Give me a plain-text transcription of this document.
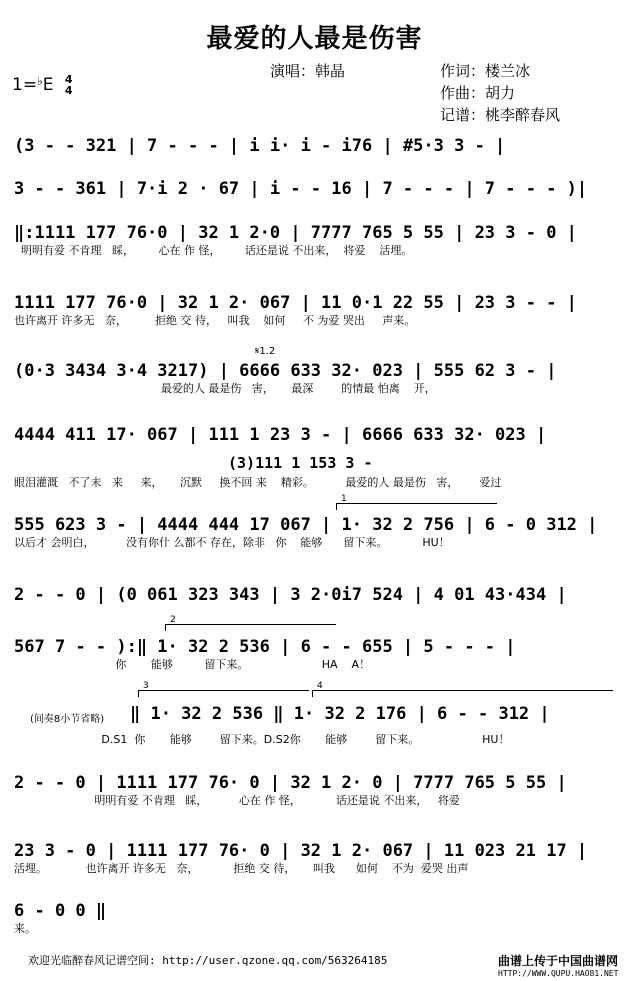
最爱的人最是伤害
演唱：韩晶	作词：楼兰冰
作曲：胡力
记谱：桃李醉春风
1=♭E 4
4
(3 - - 321 | 7 - - - | i i· i - i76 | #5·3 3 - |
3 - - 361 | 7·i 2 · 67 | i - - 16 | 7 - - - | 7 - - - )|
‖:1111 177 76·0 | 32 1 2·0 | 7777 765 5 55 | 23 3 - 0 |
明明有爱 不肯理   睬，       心在 作 怪，       话还是说 不出来，  将爱    活埋。
1111 177 76·0 | 32 1 2· 067 | 11 0·1 22 55 | 23 3 - - |
也许离开 许多无   奈，        拒绝 交 待，   叫我    如何     不 为爱 哭出     声来。
𝄋1.2
(0·3 3434 3·4 3217) | 6666 633 32· 023 | 555 62 3 - |
最爱的人 最是伤   害，     最深        的情最 怕离    开，
4444 411 17· 067 | 111 1 23 3 - | 6666 633 32· 023 |
(3)111 1 153 3 -
眼泪灌溉   不了未   来     来，     沉默     换不回 来    精彩。         最爱的人 最是伤   害，      爱过
1
555 623 3 - | 4444 444 17 067 | 1· 32 2 756 | 6 - 0 312 |
以后才 会明白，         没有你什 么都不 存在，除非   你    能够      留下来。          HU！
2 - - 0 | (0 061 323 343 | 3 2·0i7 524 | 4 01 43·434 |
2
567 7 - - ):‖ 1· 32 2 536 | 6 - - 655 | 5 - - - |
你       能够         留下来。                     HA    A！
3	4
(间奏8小节省略) ‖ 1· 32 2 536 ‖ 1· 32 2 176 | 6 - - 312 |
D.S1  你       能够        留下来。D.S2你       能够        留下来。                  HU！
2 - - 0 | 1111 177 76· 0 | 32 1 2· 0 | 7777 765 5 55 |
明明有爱 不肯理   睬，         心在 作 怪，          话还是说 不出来，   将爱
23 3 - 0 | 1111 177 76· 0 | 32 1 2· 067 | 11 023 21 17 |
活埋。           也许离开 许多无   奈，          拒绝 交 待，     叫我      如何    不为  爱哭 出声
6 - 0 0 ‖
来。
欢迎光临醉春风记谱空间: http://user.qzone.qq.com/563264185	曲谱上传于中国曲谱网
HTTP://WWW.QUPU.HAO81.NET
